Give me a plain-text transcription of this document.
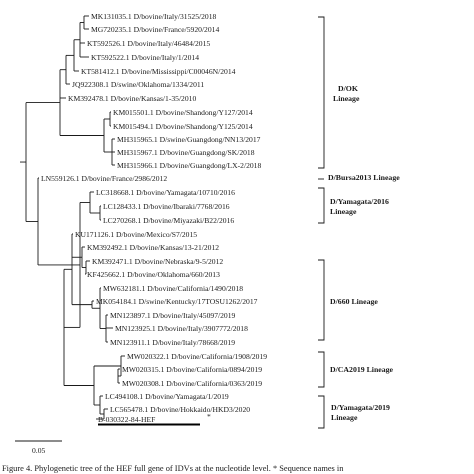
MK131035.1 D/bovine/Italy/31525/2018
MG720235.1 D/bovine/France/5920/2014
KT592526.1 D/bovine/Italy/46484/2015
KT592522.1 D/bovine/Italy/1/2014
KT581412.1 D/bovine/Mississippi/C00046N/2014
JQ922308.1 D/swine/Oklahoma/1334/2011
KM392478.1 D/bovine/Kansas/1-35/2010
KM015501.1 D/bovine/Shandong/Y127/2014
KM015494.1 D/bovine/Shandong/Y125/2014
MH315965.1 D/swine/Guangdong/NN13/2017
MH315967.1 D/bovine/Guangdong/SK/2018
MH315966.1 D/bovine/Guangdong/LX-2/2018
LN559126.1 D/bovine/France/2986/2012
LC318668.1 D/bovine/Yamagata/10710/2016
LC128433.1 D/bovine/Ibaraki/7768/2016
LC270268.1 D/bovine/Miyazaki/B22/2016
KU171126.1 D/bovine/Mexico/S7/2015
KM392492.1 D/bovine/Kansas/13-21/2012
KM392471.1 D/bovine/Nebraska/9-5/2012
KF425662.1 D/bovine/Oklahoma/660/2013
MW632181.1 D/bovine/California/1490/2018
MK054184.1 D/swine/Kentucky/17TOSU1262/2017
MN123897.1 D/bovine/Italy/45097/2019
MN123925.1 D/bovine/Italy/3907772/2018
MN123911.1 D/bovine/Italy/78668/2019
MW020322.1 D/bovine/California/1908/2019
MW020315.1 D/bovine/California/0894/2019
MW020308.1 D/bovine/California/0363/2019
LC494108.1 D/bovine/Yamagata/1/2019
LC565478.1 D/bovine/Hokkaido/HKD3/2020
B-030322-84-HEF	*
D/OK
Lineage
D/Bursa2013 Lineage
D/Yamagata/2016
Lineage
D/660 Lineage
D/CA2019 Lineage
D/Yamagata/2019
Lineage
0.05
Figure 4. Phylogenetic tree of the HEF full gene of IDVs at the nucleotide level. * Sequence names in
